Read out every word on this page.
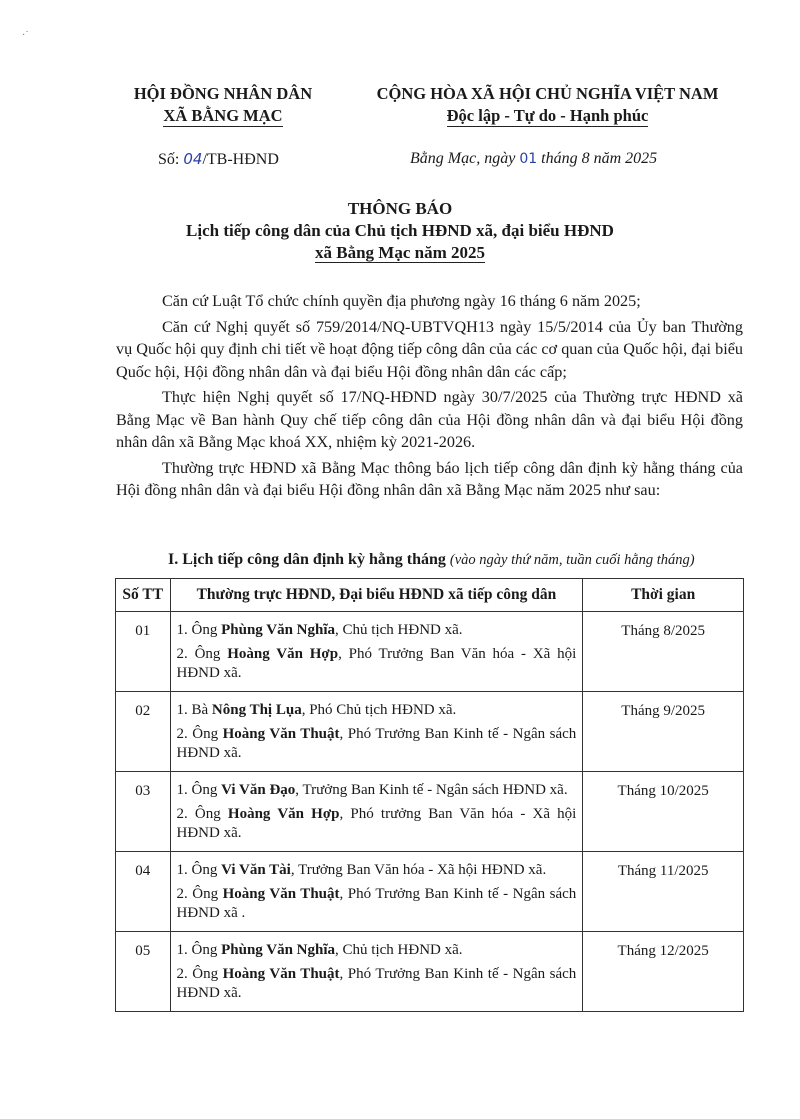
·˙
HỘI ĐỒNG NHÂN DÂN
XÃ BẰNG MẠC
CỘNG HÒA XÃ HỘI CHỦ NGHĨA VIỆT NAM
Độc lập - Tự do - Hạnh phúc
Số: 04/TB-HĐND	Bằng Mạc, ngày 01 tháng 8 năm 2025
THÔNG BÁO
Lịch tiếp công dân của Chủ tịch HĐND xã, đại biểu HĐND
xã Bằng Mạc năm 2025

Căn cứ Luật Tổ chức chính quyền địa phương ngày 16 tháng 6 năm 2025;

Căn cứ Nghị quyết số 759/2014/NQ-UBTVQH13 ngày 15/5/2014 của Ủy ban Thường vụ Quốc hội quy định chi tiết về hoạt động tiếp công dân của các cơ quan của Quốc hội, đại biểu Quốc hội, Hội đồng nhân dân và đại biểu Hội đồng nhân dân các cấp;

Thực hiện Nghị quyết số 17/NQ-HĐND ngày 30/7/2025 của Thường trực HĐND xã Bằng Mạc về Ban hành Quy chế tiếp công dân của Hội đồng nhân dân và đại biểu Hội đồng nhân dân xã Bằng Mạc khoá XX, nhiệm kỳ 2021-2026.

Thường trực HĐND xã Bằng Mạc thông báo lịch tiếp công dân định kỳ hằng tháng của Hội đồng nhân dân và đại biểu Hội đồng nhân dân xã Bằng Mạc năm 2025 như sau:

I. Lịch tiếp công dân định kỳ hằng tháng (vào ngày thứ năm, tuần cuối hằng tháng)
Số TT	Thường trực HĐND, Đại biểu HĐND xã tiếp công dân	Thời gian
01	1. Ông Phùng Văn Nghĩa, Chủ tịch HĐND xã.
2. Ông Hoàng Văn Hợp, Phó Trưởng Ban Văn hóa - Xã hội HĐND xã.	Tháng 8/2025
02	1. Bà Nông Thị Lụa, Phó Chủ tịch HĐND xã.
2. Ông Hoàng Văn Thuật, Phó Trưởng Ban Kinh tế - Ngân sách HĐND xã.	Tháng 9/2025
03	1. Ông Vi Văn Đạo, Trưởng Ban Kinh tế - Ngân sách HĐND xã.
2. Ông Hoàng Văn Hợp, Phó trưởng Ban Văn hóa - Xã hội HĐND xã.	Tháng 10/2025
04	1. Ông Vi Văn Tài, Trưởng Ban Văn hóa - Xã hội HĐND xã.
2. Ông Hoàng Văn Thuật, Phó Trưởng Ban Kinh tế - Ngân sách HĐND xã .	Tháng 11/2025
05	1. Ông Phùng Văn Nghĩa, Chủ tịch HĐND xã.
2. Ông Hoàng Văn Thuật, Phó Trưởng Ban Kinh tế - Ngân sách HĐND xã.	Tháng 12/2025
